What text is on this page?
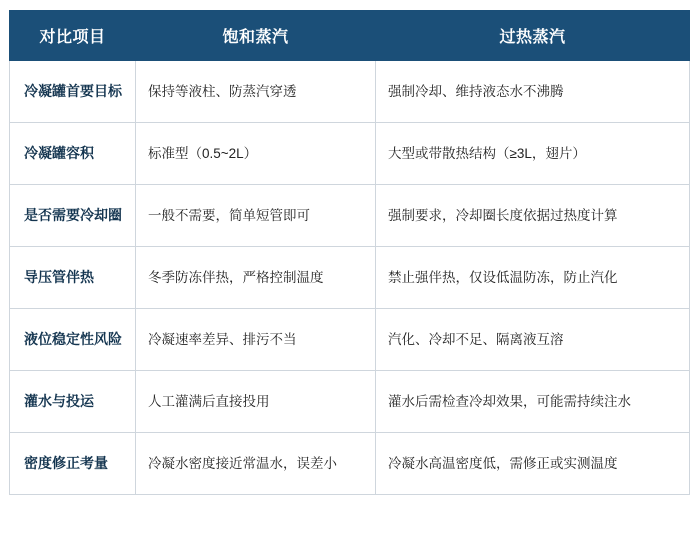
对比项目	饱和蒸汽	过热蒸汽
冷凝罐首要目标	保持等液柱、防蒸汽穿透	强制冷却、维持液态水不沸腾
冷凝罐容积	标准型（0.5~2L）	大型或带散热结构（≥3L，翅片）
是否需要冷却圈	一般不需要，简单短管即可	强制要求，冷却圈长度依据过热度计算
导压管伴热	冬季防冻伴热，严格控制温度	禁止强伴热，仅设低温防冻，防止汽化
液位稳定性风险	冷凝速率差异、排污不当	汽化、冷却不足、隔离液互溶
灌水与投运	人工灌满后直接投用	灌水后需检查冷却效果，可能需持续注水
密度修正考量	冷凝水密度接近常温水，误差小	冷凝水高温密度低，需修正或实测温度
